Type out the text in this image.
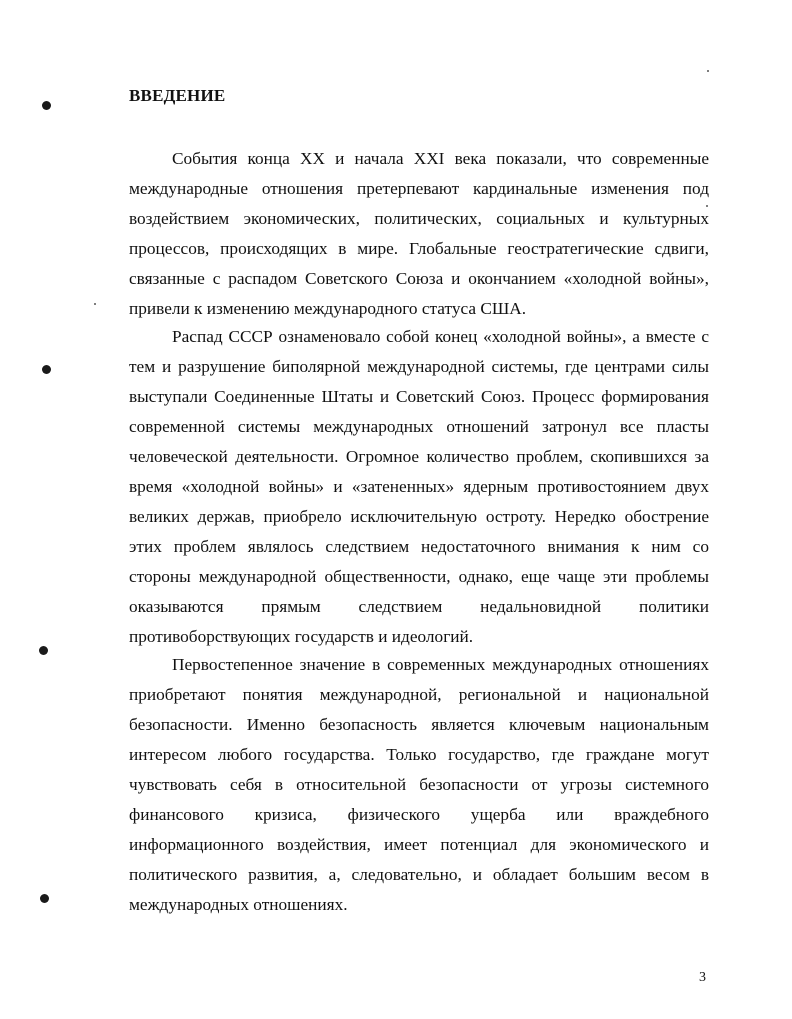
ВВЕДЕНИЕ
События конца XX и начала XXI века показали, что современные
международные отношения претерпевают кардинальные изменения под
воздействием экономических, политических, социальных и культурных
процессов, происходящих в мире. Глобальные геостратегические сдвиги,
связанные с распадом Советского Союза и окончанием «холодной войны»,
привели к изменению международного статуса США.
Распад СССР ознаменовало собой конец «холодной войны», а вместе с
тем и разрушение биполярной международной системы, где центрами силы
выступали Соединенные Штаты и Советский Союз. Процесс формирования
современной системы международных отношений затронул все пласты
человеческой деятельности. Огромное количество проблем, скопившихся за
время «холодной войны» и «затененных» ядерным противостоянием двух
великих держав, приобрело исключительную остроту. Нередко обострение
этих проблем являлось следствием недостаточного внимания к ним со
стороны международной общественности, однако, еще чаще эти проблемы
оказываются прямым следствием недальновидной политики
противоборствующих государств и идеологий.
Первостепенное значение в современных международных отношениях
приобретают понятия международной, региональной и национальной
безопасности. Именно безопасность является ключевым национальным
интересом любого государства. Только государство, где граждане могут
чувствовать себя в относительной безопасности от угрозы системного
финансового кризиса, физического ущерба или враждебного
информационного воздействия, имеет потенциал для экономического и
политического развития, а, следовательно, и обладает большим весом в
международных отношениях.
3
